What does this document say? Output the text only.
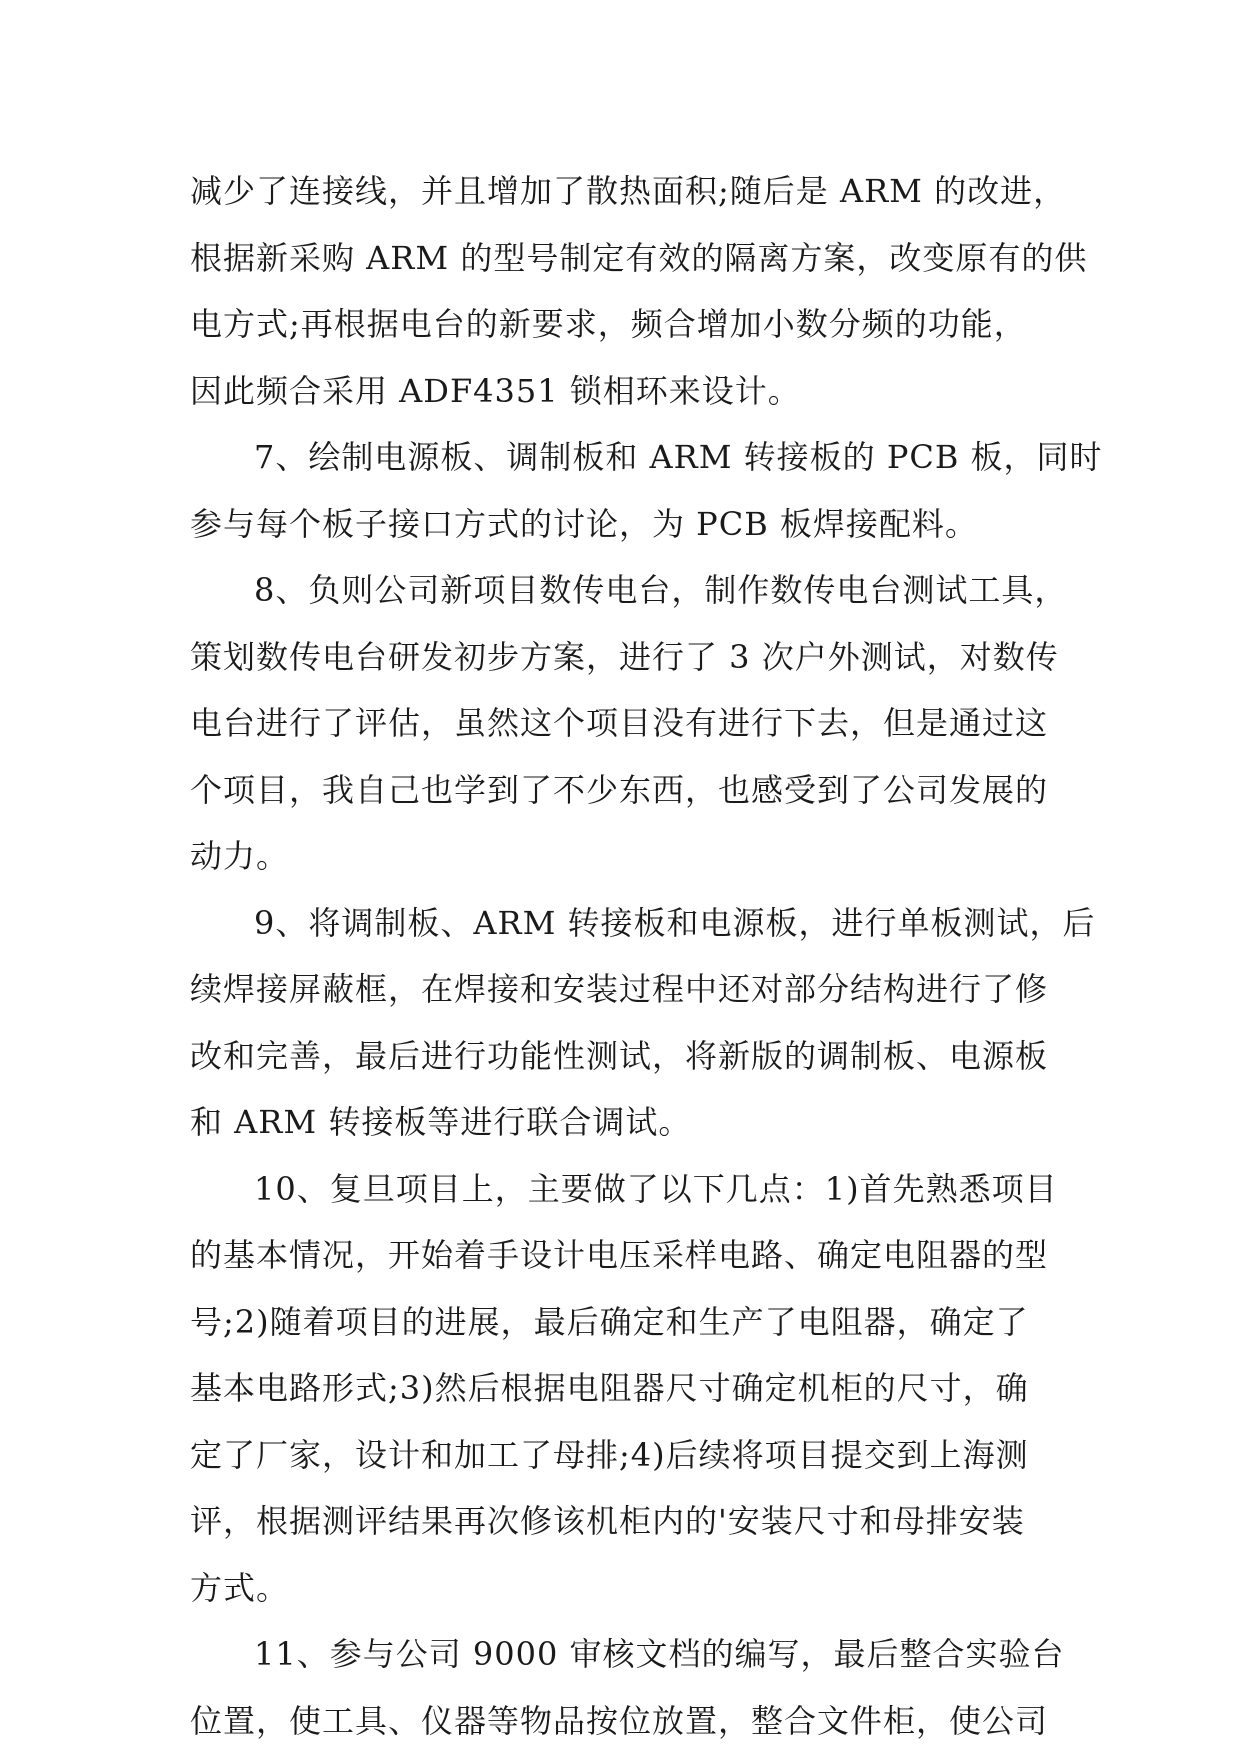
减少了连接线，并且增加了散热面积;随后是 ARM 的改进，
根据新采购 ARM 的型号制定有效的隔离方案，改变原有的供
电方式;再根据电台的新要求，频合增加小数分频的功能，
因此频合采用 ADF4351 锁相环来设计。
7、绘制电源板、调制板和 ARM 转接板的 PCB 板，同时
参与每个板子接口方式的讨论，为 PCB 板焊接配料。
8、负则公司新项目数传电台，制作数传电台测试工具，
策划数传电台研发初步方案，进行了 3 次户外测试，对数传
电台进行了评估，虽然这个项目没有进行下去，但是通过这
个项目，我自己也学到了不少东西，也感受到了公司发展的
动力。
9、将调制板、ARM 转接板和电源板，进行单板测试，后
续焊接屏蔽框，在焊接和安装过程中还对部分结构进行了修
改和完善，最后进行功能性测试，将新版的调制板、电源板
和 ARM 转接板等进行联合调试。
10、复旦项目上，主要做了以下几点：1)首先熟悉项目
的基本情况，开始着手设计电压采样电路、确定电阻器的型
号;2)随着项目的进展，最后确定和生产了电阻器，确定了
基本电路形式;3)然后根据电阻器尺寸确定机柜的尺寸，确
定了厂家，设计和加工了母排;4)后续将项目提交到上海测
评，根据测评结果再次修该机柜内的'安装尺寸和母排安装
方式。
11、参与公司 9000 审核文档的编写，最后整合实验台
位置，使工具、仪器等物品按位放置，整合文件柜，使公司
